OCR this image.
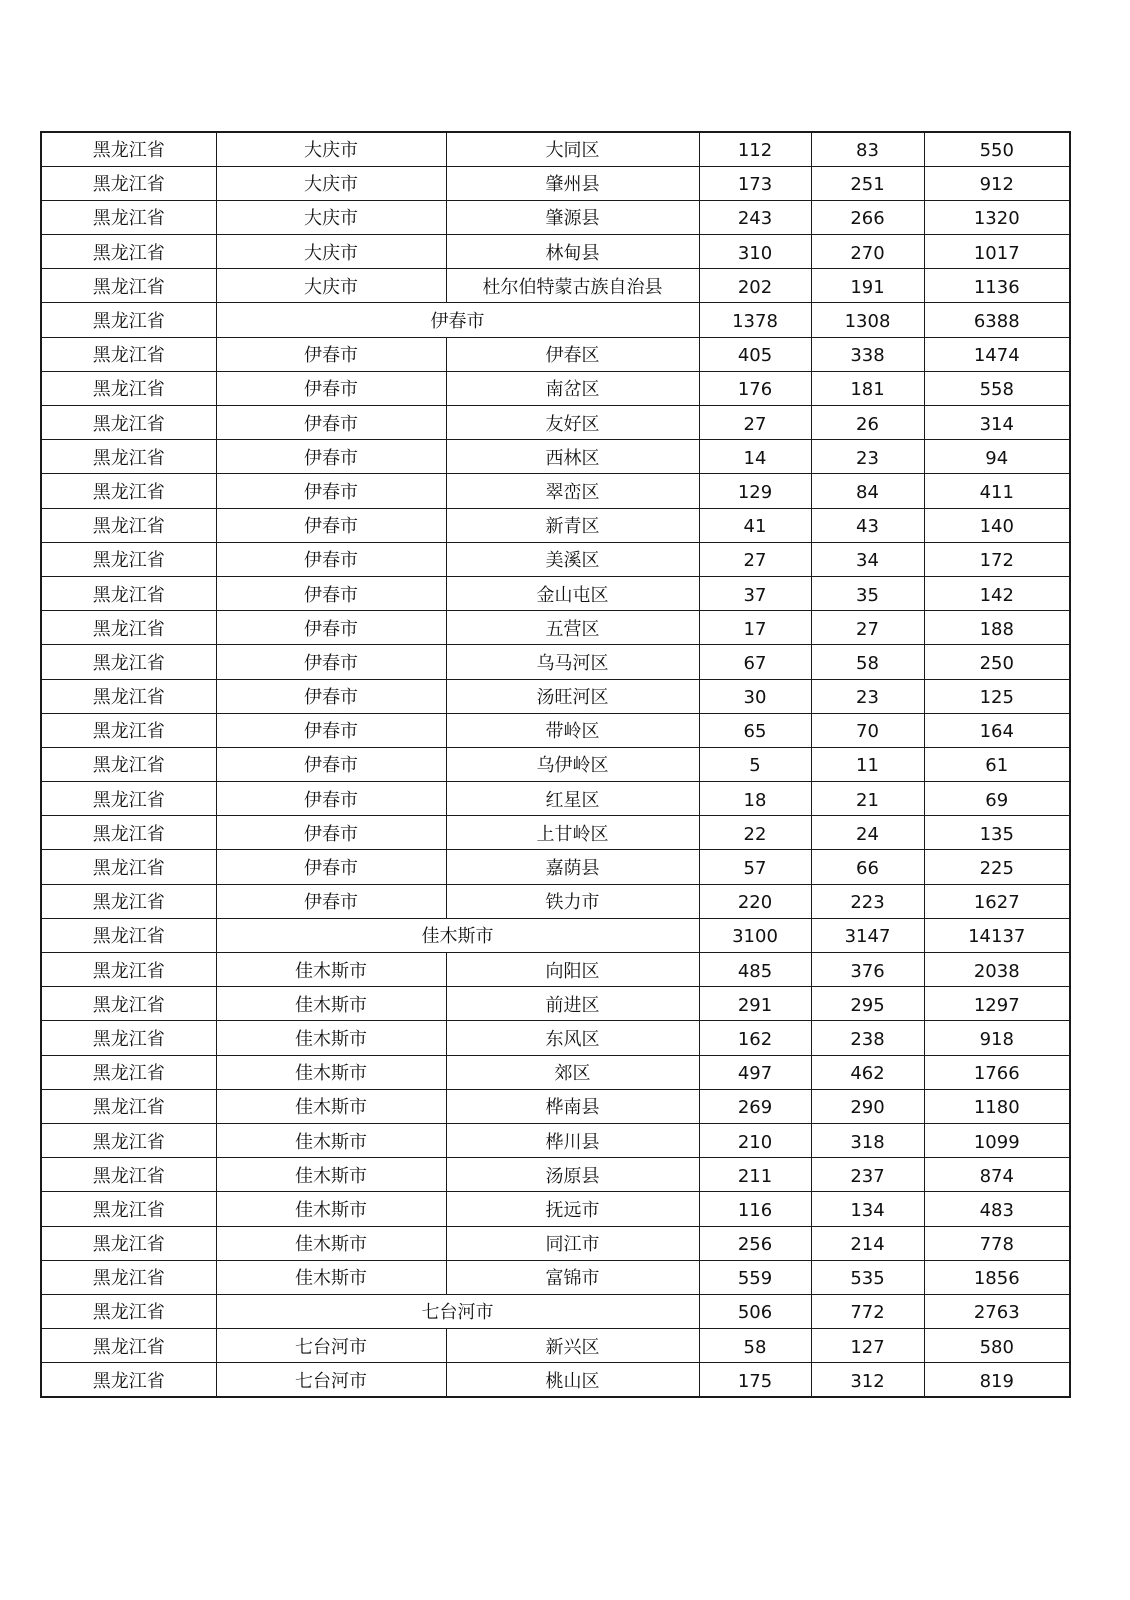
黑龙江省	大庆市	大同区	112	83	550
黑龙江省	大庆市	肇州县	173	251	912
黑龙江省	大庆市	肇源县	243	266	1320
黑龙江省	大庆市	林甸县	310	270	1017
黑龙江省	大庆市	杜尔伯特蒙古族自治县	202	191	1136
黑龙江省	伊春市		1378	1308	6388
黑龙江省	伊春市	伊春区	405	338	1474
黑龙江省	伊春市	南岔区	176	181	558
黑龙江省	伊春市	友好区	27	26	314
黑龙江省	伊春市	西林区	14	23	94
黑龙江省	伊春市	翠峦区	129	84	411
黑龙江省	伊春市	新青区	41	43	140
黑龙江省	伊春市	美溪区	27	34	172
黑龙江省	伊春市	金山屯区	37	35	142
黑龙江省	伊春市	五营区	17	27	188
黑龙江省	伊春市	乌马河区	67	58	250
黑龙江省	伊春市	汤旺河区	30	23	125
黑龙江省	伊春市	带岭区	65	70	164
黑龙江省	伊春市	乌伊岭区	5	11	61
黑龙江省	伊春市	红星区	18	21	69
黑龙江省	伊春市	上甘岭区	22	24	135
黑龙江省	伊春市	嘉荫县	57	66	225
黑龙江省	伊春市	铁力市	220	223	1627
黑龙江省	佳木斯市		3100	3147	14137
黑龙江省	佳木斯市	向阳区	485	376	2038
黑龙江省	佳木斯市	前进区	291	295	1297
黑龙江省	佳木斯市	东风区	162	238	918
黑龙江省	佳木斯市	郊区	497	462	1766
黑龙江省	佳木斯市	桦南县	269	290	1180
黑龙江省	佳木斯市	桦川县	210	318	1099
黑龙江省	佳木斯市	汤原县	211	237	874
黑龙江省	佳木斯市	抚远市	116	134	483
黑龙江省	佳木斯市	同江市	256	214	778
黑龙江省	佳木斯市	富锦市	559	535	1856
黑龙江省	七台河市		506	772	2763
黑龙江省	七台河市	新兴区	58	127	580
黑龙江省	七台河市	桃山区	175	312	819
